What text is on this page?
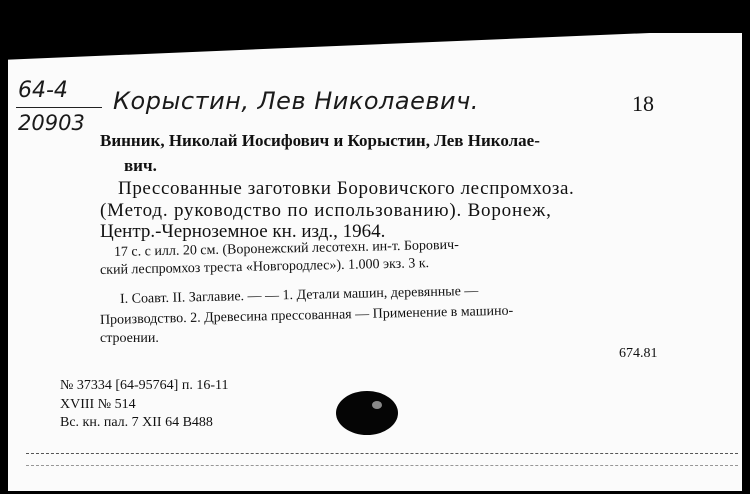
64-4
20903
Корыстин, Лев Николаевич.	18
Винник, Николай Иосифович и Корыстин, Лев Николае-
вич.
Прессованные заготовки Боровичского леспромхоза.
(Метод. руководство по использованию). Воронеж,
Центр.-Черноземное кн. изд., 1964.
17 с. с илл. 20 см. (Воронежский лесотехн. ин-т. Борович-
ский леспромхоз треста «Новгородлес»). 1.000 экз. 3 к.
I. Соавт. II. Заглавие. — — 1. Детали машин, деревянные —
Производство. 2. Древесина прессованная — Применение в машино-
строении.
674.81
№ 37334 [64-95764] п. 16-11
XVIII № 514
Вс. кн. пал. 7 XII 64 В488
